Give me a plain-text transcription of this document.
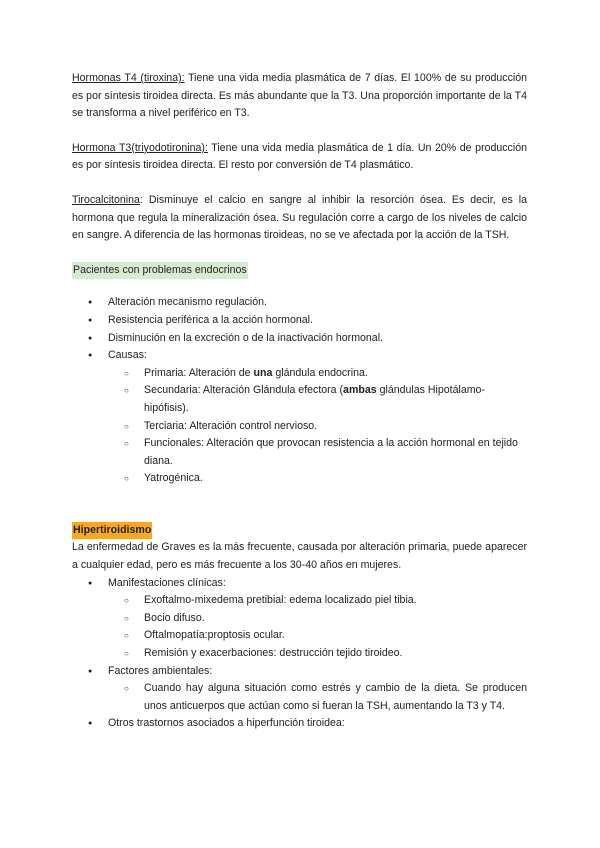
Hormonas T4 (tiroxina): Tiene una vida media plasmática de 7 días. El 100% de su producción es por síntesis tiroidea directa. Es más abundante que la T3. Una proporción importante de la T4 se transforma a nivel periférico en T3.

Hormona T3(triyodotironina): Tiene una vida media plasmática de 1 día. Un 20% de producción es por síntesis tiroidea directa. El resto por conversión de T4 plasmático.

Tirocalcitonina: Disminuye el calcio en sangre al inhibir la resorción ósea. Es decir, es la hormona que regula la mineralización ósea. Su regulación corre a cargo de los niveles de calcio en sangre. A diferencia de las hormonas tiroideas, no se ve afectada por la acción de la TSH.

Pacientes con problemas endocrinos

● Alteración mecanismo regulación.
● Resistencia periférica a la acción hormonal.
● Disminución en la excreción o de la inactivación hormonal.
● Causas:
○ Primaria: Alteración de una glándula endocrina.
○ Secundaria: Alteración Glándula efectora (ambas glándulas Hipotálamo-hipófisis).
○ Terciaria: Alteración control nervioso.
○ Funcionales: Alteración que provocan resistencia a la acción hormonal en tejido diana.
○ Yatrogénica.

Hipertiroidismo

La enfermedad de Graves es la más frecuente, causada por alteración primaria, puede aparecer a cualquier edad, pero es más frecuente a los 30-40 años en mujeres.

● Manifestaciones clínicas:
○ Exoftalmo-mixedema pretibial: edema localizado piel tibia.
○ Bocio difuso.
○ Oftalmopatía:proptosis ocular.
○ Remisión y exacerbaciones: destrucción tejido tiroideo.
● Factores ambientales:
○ Cuando hay alguna situación como estrés y cambio de la dieta. Se producen unos anticuerpos que actúan como si fueran la TSH, aumentando la T3 y T4.
● Otros trastornos asociados a hiperfunción tiroidea:
